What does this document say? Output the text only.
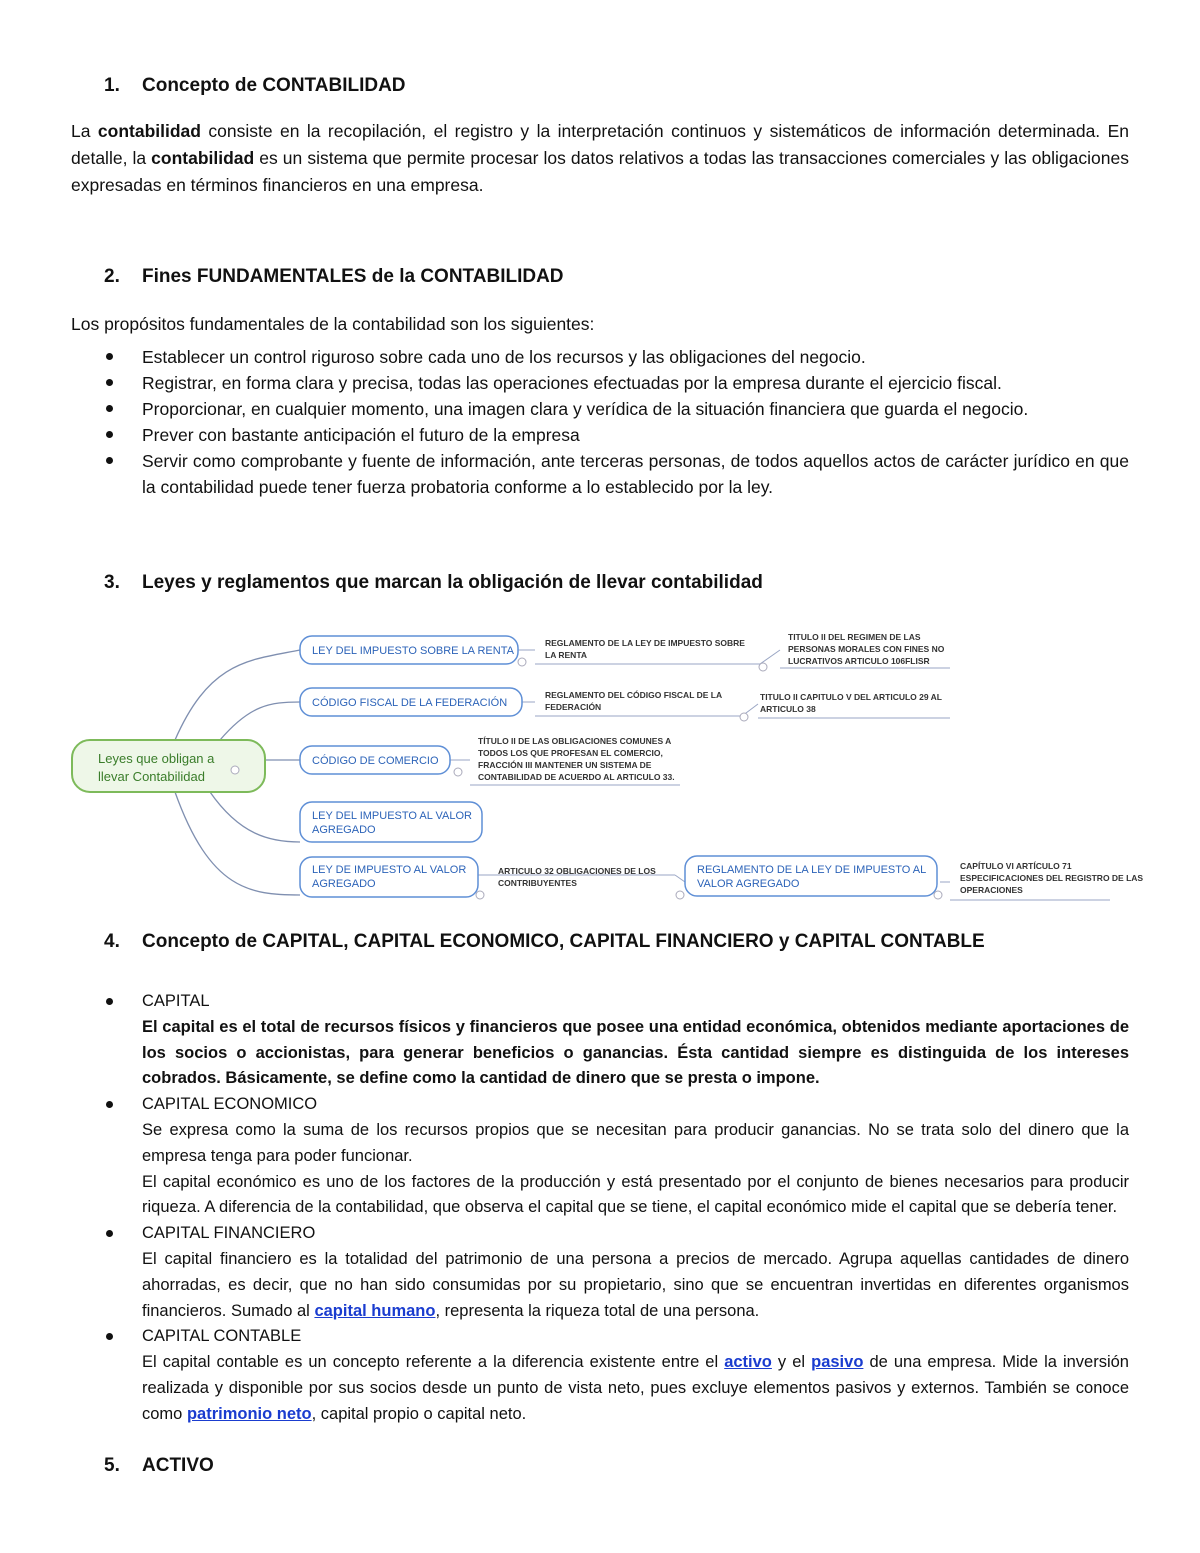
1. Concepto de CONTABILIDAD

La contabilidad consiste en la recopilación, el registro y la interpretación continuos y sistemáticos de información determinada. En detalle, la contabilidad es un sistema que permite procesar los datos relativos a todas las transacciones comerciales y las obligaciones expresadas en términos financieros en una empresa.

2. Fines FUNDAMENTALES de la CONTABILIDAD

Los propósitos fundamentales de la contabilidad son los siguientes:

Establecer un control riguroso sobre cada uno de los recursos y las obligaciones del negocio.
Registrar, en forma clara y precisa, todas las operaciones efectuadas por la empresa durante el ejercicio fiscal.
Proporcionar, en cualquier momento, una imagen clara y verídica de la situación financiera que guarda el negocio.
Prever con bastante anticipación el futuro de la empresa
Servir como comprobante y fuente de información, ante terceras personas, de todos aquellos actos de carácter jurídico en que la contabilidad puede tener fuerza probatoria conforme a lo establecido por la ley.
3. Leyes y reglamentos que marcan la obligación de llevar contabilidad
Leyes que obligan a
llevar Contabilidad
LEY DEL IMPUESTO SOBRE LA RENTA
CÓDIGO FISCAL DE LA FEDERACIÓN
CÓDIGO DE COMERCIO
LEY DEL IMPUESTO AL VALOR
AGREGADO
LEY DE IMPUESTO AL VALOR
AGREGADO
REGLAMENTO DE LA LEY DE IMPUESTO AL
VALOR AGREGADO
REGLAMENTO DE LA LEY DE IMPUESTO SOBRE
LA RENTA
TITULO II DEL REGIMEN DE LAS
PERSONAS MORALES CON FINES NO
LUCRATIVOS ARTICULO 106FLISR
REGLAMENTO DEL CÓDIGO FISCAL DE LA
FEDERACIÓN
TITULO II CAPITULO V DEL ARTICULO 29 AL
ARTICULO 38
TÍTULO II DE LAS OBLIGACIONES COMUNES A
TODOS LOS QUE PROFESAN EL COMERCIO,
FRACCIÓN III MANTENER UN SISTEMA DE
CONTABILIDAD DE ACUERDO AL ARTICULO 33.
ARTICULO 32 OBLIGACIONES DE LOS
CONTRIBUYENTES
CAPÍTULO VI ARTÍCULO 71
ESPECIFICACIONES DEL REGISTRO DE LAS
OPERACIONES
4. Concepto de CAPITAL, CAPITAL ECONOMICO, CAPITAL FINANCIERO y CAPITAL CONTABLE
CAPITAL
El capital es el total de recursos físicos y financieros que posee una entidad económica, obtenidos mediante aportaciones de los socios o accionistas, para generar beneficios o ganancias. Ésta cantidad siempre es distinguida de los intereses cobrados. Básicamente, se define como la cantidad de dinero que se presta o impone.
CAPITAL ECONOMICO
Se expresa como la suma de los recursos propios que se necesitan para producir ganancias. No se trata solo del dinero que la empresa tenga para poder funcionar.
El capital económico es uno de los factores de la producción y está presentado por el conjunto de bienes necesarios para producir riqueza. A diferencia de la contabilidad, que observa el capital que se tiene, el capital económico mide el capital que se debería tener.
CAPITAL FINANCIERO
El capital financiero es la totalidad del patrimonio de una persona a precios de mercado. Agrupa aquellas cantidades de dinero ahorradas, es decir, que no han sido consumidas por su propietario, sino que se encuentran invertidas en diferentes organismos financieros. Sumado al capital humano, representa la riqueza total de una persona.
CAPITAL CONTABLE
El capital contable es un concepto referente a la diferencia existente entre el activo y el pasivo de una empresa. Mide la inversión realizada y disponible por sus socios desde un punto de vista neto, pues excluye elementos pasivos y externos. También se conoce como patrimonio neto, capital propio o capital neto.
5. ACTIVO
